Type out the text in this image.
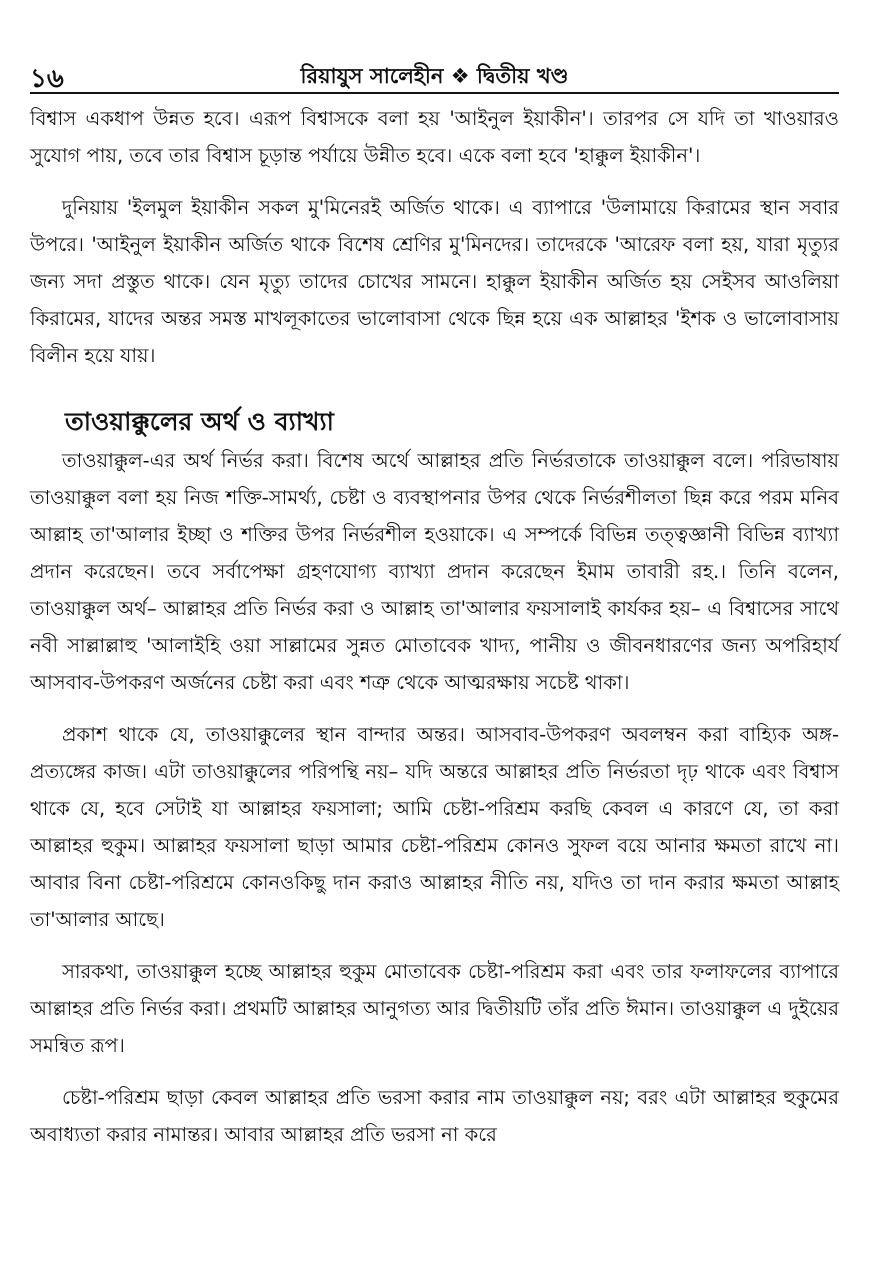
১৬	রিয়াযুস সালেহীন ❖ দ্বিতীয় খণ্ড

বিশ্বাস একধাপ উন্নত হবে। এরূপ বিশ্বাসকে বলা হয় 'আইনুল ইয়াকীন'। তারপর সে যদি তা খাওয়ারও সুযোগ পায়, তবে তার বিশ্বাস চূড়ান্ত পর্যায়ে উন্নীত হবে। একে বলা হবে 'হাক্কুল ইয়াকীন'।

দুনিয়ায় 'ইলমুল ইয়াকীন সকল মু'মিনেরই অর্জিত থাকে। এ ব্যাপারে 'উলামায়ে কিরামের স্থান সবার উপরে। 'আইনুল ইয়াকীন অর্জিত থাকে বিশেষ শ্রেণির মু'মিনদের। তাদেরকে 'আরেফ বলা হয়, যারা মৃত্যুর জন্য সদা প্রস্তুত থাকে। যেন মৃত্যু তাদের চোখের সামনে। হাক্কুল ইয়াকীন অর্জিত হয় সেইসব আওলিয়া কিরামের, যাদের অন্তর সমস্ত মাখলূকাতের ভালোবাসা থেকে ছিন্ন হয়ে এক আল্লাহর 'ইশক ও ভালোবাসায় বিলীন হয়ে যায়।

তাওয়াক্কুলের অর্থ ও ব্যাখ্যা

তাওয়াক্কুল-এর অর্থ নির্ভর করা। বিশেষ অর্থে আল্লাহর প্রতি নির্ভরতাকে তাওয়াক্কুল বলে। পরিভাষায় তাওয়াক্কুল বলা হয় নিজ শক্তি-সামর্থ্য, চেষ্টা ও ব্যবস্থাপনার উপর থেকে নির্ভরশীলতা ছিন্ন করে পরম মনিব আল্লাহ তা'আলার ইচ্ছা ও শক্তির উপর নির্ভরশীল হওয়াকে। এ সম্পর্কে বিভিন্ন তত্ত্বজ্ঞানী বিভিন্ন ব্যাখ্যা প্রদান করেছেন। তবে সর্বাপেক্ষা গ্রহণযোগ্য ব্যাখ্যা প্রদান করেছেন ইমাম তাবারী রহ.। তিনি বলেন, তাওয়াক্কুল অর্থ– আল্লাহর প্রতি নির্ভর করা ও আল্লাহ তা'আলার ফয়সালাই কার্যকর হয়– এ বিশ্বাসের সাথে নবী সাল্লাল্লাহু 'আলাইহি ওয়া সাল্লামের সুন্নত মোতাবেক খাদ্য, পানীয় ও জীবনধারণের জন্য অপরিহার্য আসবাব-উপকরণ অর্জনের চেষ্টা করা এবং শত্রু থেকে আত্মরক্ষায় সচেষ্ট থাকা।

প্রকাশ থাকে যে, তাওয়াক্কুলের স্থান বান্দার অন্তর। আসবাব-উপকরণ অবলম্বন করা বাহ্যিক অঙ্গ-প্রত্যঙ্গের কাজ। এটা তাওয়াক্কুলের পরিপন্থি নয়– যদি অন্তরে আল্লাহর প্রতি নির্ভরতা দৃঢ় থাকে এবং বিশ্বাস থাকে যে, হবে সেটাই যা আল্লাহর ফয়সালা; আমি চেষ্টা-পরিশ্রম করছি কেবল এ কারণে যে, তা করা আল্লাহর হুকুম। আল্লাহর ফয়সালা ছাড়া আমার চেষ্টা-পরিশ্রম কোনও সুফল বয়ে আনার ক্ষমতা রাখে না। আবার বিনা চেষ্টা-পরিশ্রমে কোনওকিছু দান করাও আল্লাহর নীতি নয়, যদিও তা দান করার ক্ষমতা আল্লাহ তা'আলার আছে।

সারকথা, তাওয়াক্কুল হচ্ছে আল্লাহর হুকুম মোতাবেক চেষ্টা-পরিশ্রম করা এবং তার ফলাফলের ব্যাপারে আল্লাহর প্রতি নির্ভর করা। প্রথমটি আল্লাহর আনুগত্য আর দ্বিতীয়টি তাঁর প্রতি ঈমান। তাওয়াক্কুল এ দুইয়ের সমন্বিত রূপ।

চেষ্টা-পরিশ্রম ছাড়া কেবল আল্লাহর প্রতি ভরসা করার নাম তাওয়াক্কুল নয়; বরং এটা আল্লাহর হুকুমের অবাধ্যতা করার নামান্তর। আবার আল্লাহর প্রতি ভরসা না করে
